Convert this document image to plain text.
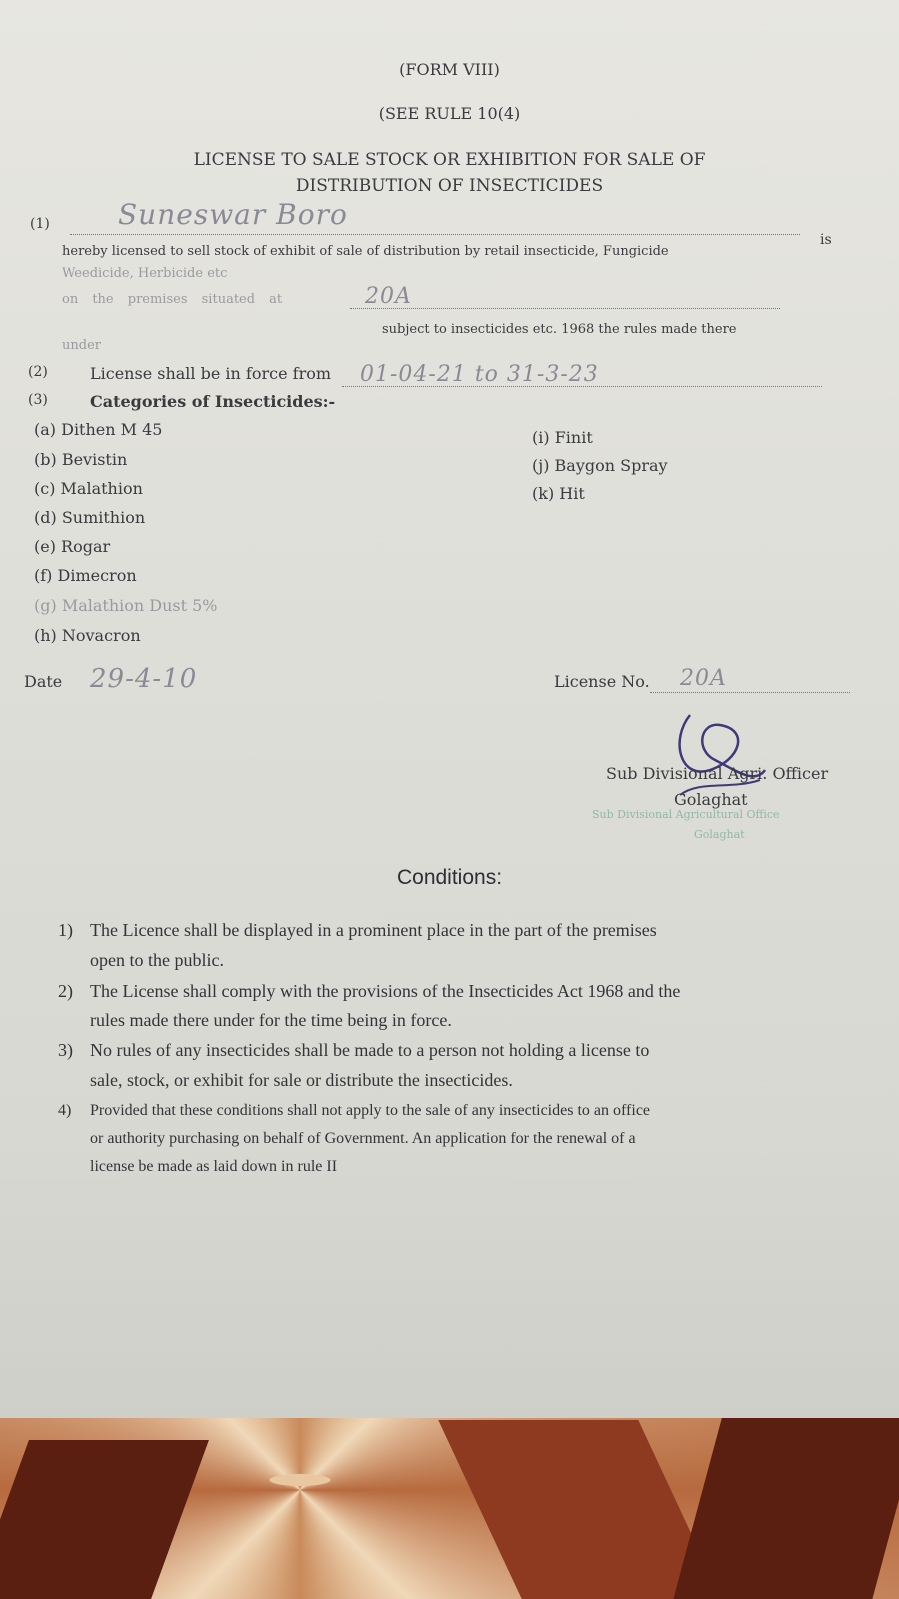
(FORM VIII)
(SEE RULE 10(4)
LICENSE TO SALE STOCK OR EXHIBITION FOR SALE OF
DISTRIBUTION OF INSECTICIDES
(1) Suneswar Boro
is
hereby licensed to sell stock of exhibit of sale of distribution by retail insecticide, Fungicide
Weedicide, Herbicide etc
on the premises situated at	20A
subject to insecticides etc. 1968 the rules made there
under
(2)	License shall be in force from 01-04-21 to 31-3-23
(3)	Categories of Insecticides:-
(a) Dithen M 45
(b) Bevistin
(c) Malathion
(d) Sumithion
(e) Rogar
(f) Dimecron
(g) Malathion Dust 5%
(h) Novacron
(i) Finit
(j) Baygon Spray
(k) Hit
Date 29-4-10	License No. 20A
Sub Divisional Agri. Officer
Golaghat
Sub Divisional Agricultural Office
Golaghat
Conditions:
1) The Licence shall be displayed in a prominent place in the part of the premises
open to the public.
2) The License shall comply with the provisions of the Insecticides Act 1968 and the
rules made there under for the time being in force.
3) No rules of any insecticides shall be made to a person not holding a license to
sale, stock, or exhibit for sale or distribute the insecticides.
4) Provided that these conditions shall not apply to the sale of any insecticides to an office
or authority purchasing on behalf of Government. An application for the renewal of a
license be made as laid down in rule II
